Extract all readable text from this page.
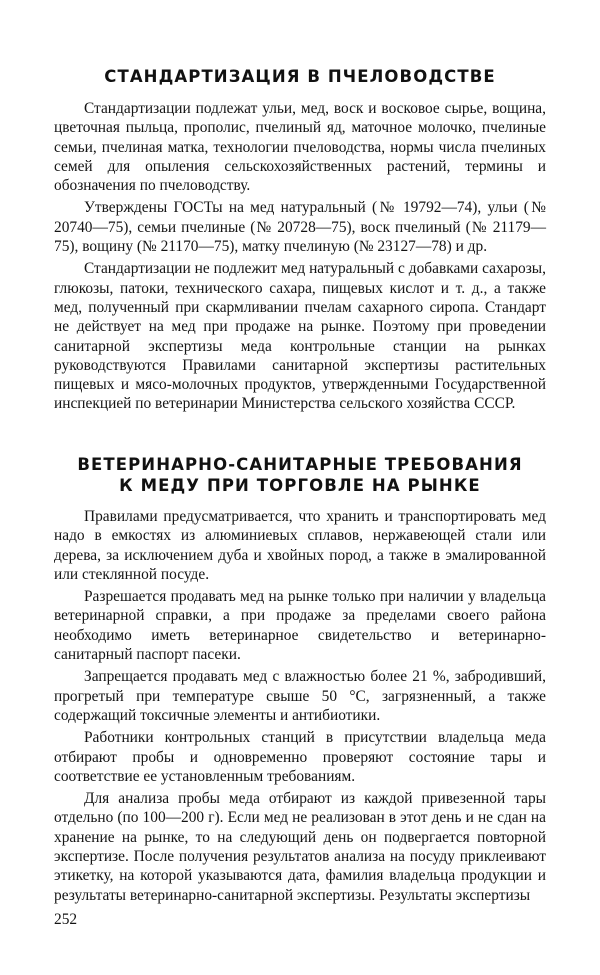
СТАНДАРТИЗАЦИЯ В ПЧЕЛОВОДСТВЕ

Стандартизации подлежат ульи, мед, воск и восковое сырье, вощина, цветочная пыльца, прополис, пчелиный яд, маточное молочко, пчелиные семьи, пчелиная матка, технологии пчеловодства, нормы числа пчелиных семей для опыления сельскохозяйственных растений, термины и обозначения по пчеловодству.

Утверждены ГОСТы на мед натуральный (№ 19792—74), ульи (№ 20740—75), семьи пчелиные (№ 20728—75), воск пчелиный (№ 21179—75), вощину (№ 21170—75), матку пчелиную (№ 23127—78) и др.

Стандартизации не подлежит мед натуральный с добавками сахарозы, глюкозы, патоки, технического сахара, пищевых кислот и т. д., а также мед, полученный при скармливании пчелам сахарного сиропа. Стандарт не действует на мед при продаже на рынке. Поэтому при проведении санитарной экспертизы меда контрольные станции на рынках руководствуются Правилами санитарной экспертизы растительных пищевых и мясо-молочных продуктов, утвержденными Государственной инспекцией по ветеринарии Министерства сельского хозяйства СССР.

ВЕТЕРИНАРНО-САНИТАРНЫЕ ТРЕБОВАНИЯ
К МЕДУ ПРИ ТОРГОВЛЕ НА РЫНКЕ

Правилами предусматривается, что хранить и транспортировать мед надо в емкостях из алюминиевых сплавов, нержавеющей стали или дерева, за исключением дуба и хвойных пород, а также в эмалированной или стеклянной посуде.

Разрешается продавать мед на рынке только при наличии у владельца ветеринарной справки, а при продаже за пределами своего района необходимо иметь ветеринарное свидетельство и ветеринарно-санитарный паспорт пасеки.

Запрещается продавать мед с влажностью более 21 %, забродивший, прогретый при температуре свыше 50 °С, загрязненный, а также содержащий токсичные элементы и антибиотики.

Работники контрольных станций в присутствии владельца меда отбирают пробы и одновременно проверяют состояние тары и соответствие ее установленным требованиям.

Для анализа пробы меда отбирают из каждой привезенной тары отдельно (по 100—200 г). Если мед не реализован в этот день и не сдан на хранение на рынке, то на следующий день он подвергается повторной экспертизе. После получения результатов анализа на посуду приклеивают этикетку, на которой указываются дата, фамилия владельца продукции и результаты ветеринарно-санитарной экспертизы. Результаты экспертизы

252
